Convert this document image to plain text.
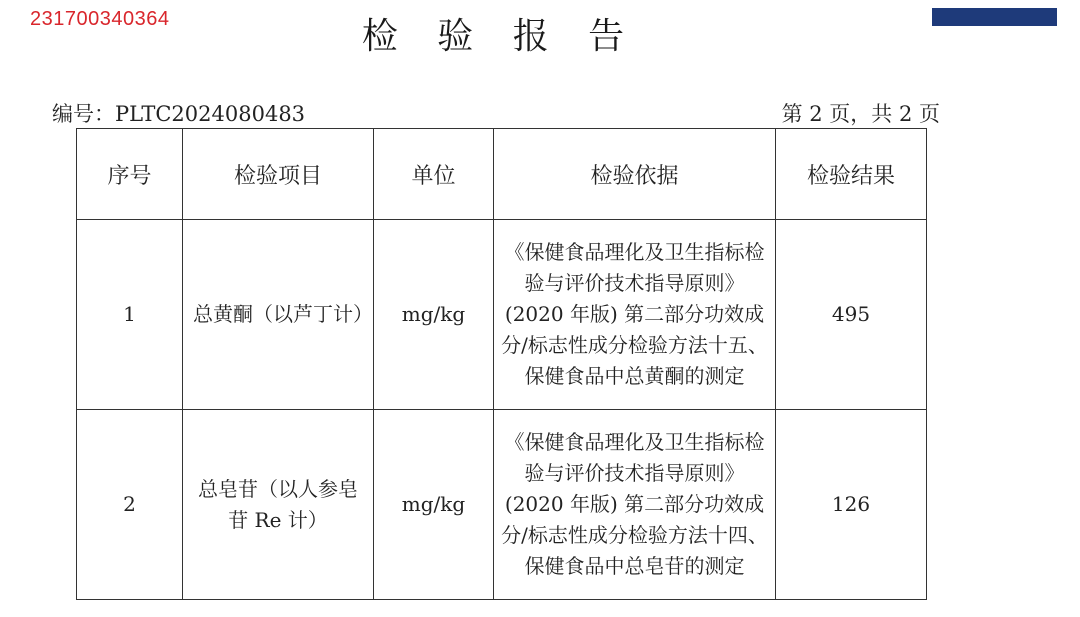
231700340364	检 验 报 告
编号：PLTC2024080483	第 2 页，共 2 页
序号	检验项目	单位	检验依据	检验结果
1	总黄酮（以芦丁计）	mg/kg	《保健食品理化及卫生指标检验与评价技术指导原则》(2020 年版) 第二部分功效成分/标志性成分检验方法十五、保健食品中总黄酮的测定	495
2	总皂苷（以人参皂苷 Re 计）	mg/kg	《保健食品理化及卫生指标检验与评价技术指导原则》(2020 年版) 第二部分功效成分/标志性成分检验方法十四、保健食品中总皂苷的测定	126
